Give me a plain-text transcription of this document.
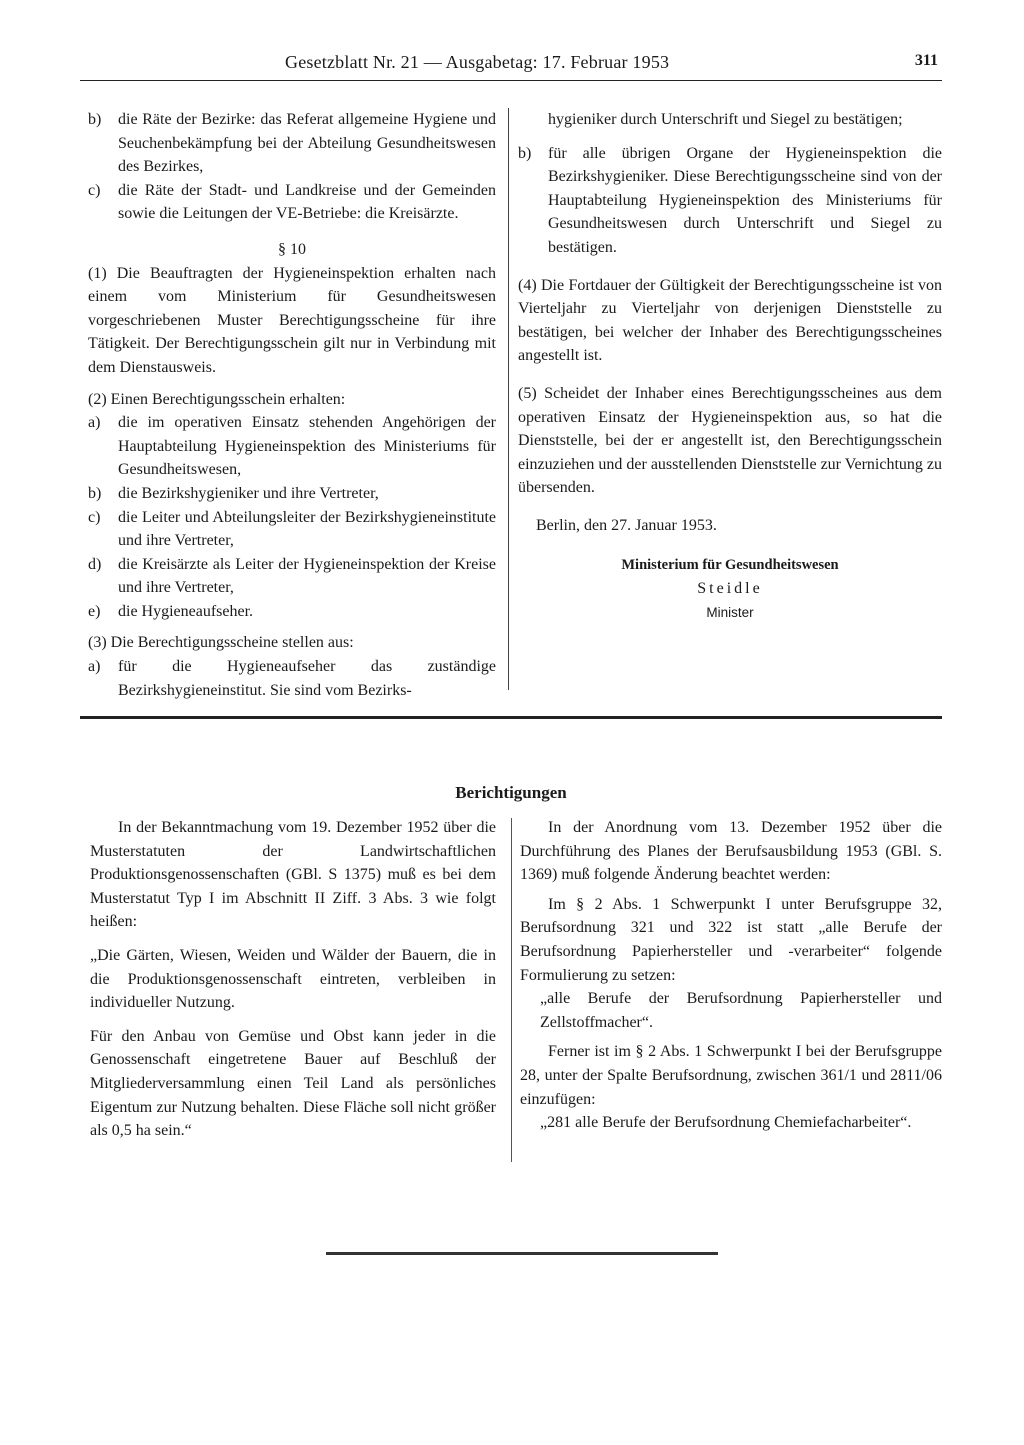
Gesetzblatt Nr. 21 — Ausgabetag: 17. Februar 1953	311
b)	die Räte der Bezirke: das Referat allgemeine Hygiene und Seuchenbekämpfung bei der Abteilung Gesundheitswesen des Bezirkes,
c)	die Räte der Stadt- und Landkreise und der Gemeinden sowie die Leitungen der VE-Betriebe: die Kreisärzte.

§ 10

(1) Die Beauftragten der Hygieneinspektion erhalten nach einem vom Ministerium für Gesundheitswesen vorgeschriebenen Muster Berechtigungsscheine für ihre Tätigkeit. Der Berechtigungsschein gilt nur in Verbindung mit dem Dienstausweis.

(2) Einen Berechtigungsschein erhalten:

a)	die im operativen Einsatz stehenden Angehörigen der Hauptabteilung Hygieneinspektion des Ministeriums für Gesundheitswesen,
b)	die Bezirkshygieniker und ihre Vertreter,
c)	die Leiter und Abteilungsleiter der Bezirkshygieneinstitute und ihre Vertreter,
d)	die Kreisärzte als Leiter der Hygieneinspektion der Kreise und ihre Vertreter,
e)	die Hygieneaufseher.

(3) Die Berechtigungsscheine stellen aus:

a)	für die Hygieneaufseher das zuständige Bezirkshygieneinstitut. Sie sind vom Bezirks-

hygieniker durch Unterschrift und Siegel zu bestätigen;

b)	für alle übrigen Organe der Hygieneinspektion die Bezirkshygieniker. Diese Berechtigungsscheine sind von der Hauptabteilung Hygieneinspektion des Ministeriums für Gesundheitswesen durch Unterschrift und Siegel zu bestätigen.

(4) Die Fortdauer der Gültigkeit der Berechtigungsscheine ist von Vierteljahr zu Vierteljahr von derjenigen Dienststelle zu bestätigen, bei welcher der Inhaber des Berechtigungsscheines angestellt ist.

(5) Scheidet der Inhaber eines Berechtigungsscheines aus dem operativen Einsatz der Hygieneinspektion aus, so hat die Dienststelle, bei der er angestellt ist, den Berechtigungsschein einzuziehen und der ausstellenden Dienststelle zur Vernichtung zu übersenden.

Berlin, den 27. Januar 1953.

Ministerium für Gesundheitswesen
Steidle
Minister
Berichtigungen

In der Bekanntmachung vom 19. Dezember 1952 über die Musterstatuten der Landwirtschaftlichen Produktionsgenossenschaften (GBl. S 1375) muß es bei dem Musterstatut Typ I im Abschnitt II Ziff. 3 Abs. 3 wie folgt heißen:

„Die Gärten, Wiesen, Weiden und Wälder der Bauern, die in die Produktionsgenossenschaft eintreten, verbleiben in individueller Nutzung.

Für den Anbau von Gemüse und Obst kann jeder in die Genossenschaft eingetretene Bauer auf Beschluß der Mitgliederversammlung einen Teil Land als persönliches Eigentum zur Nutzung behalten. Diese Fläche soll nicht größer als 0,5 ha sein.“

In der Anordnung vom 13. Dezember 1952 über die Durchführung des Planes der Berufsausbildung 1953 (GBl. S. 1369) muß folgende Änderung beachtet werden:

Im § 2 Abs. 1 Schwerpunkt I unter Berufsgruppe 32, Berufsordnung 321 und 322 ist statt „alle Berufe der Berufsordnung Papierhersteller und -verarbeiter“ folgende Formulierung zu setzen:

„alle Berufe der Berufsordnung Papierhersteller und Zellstoffmacher“.

Ferner ist im § 2 Abs. 1 Schwerpunkt I bei der Berufsgruppe 28, unter der Spalte Berufsordnung, zwischen 361/1 und 2811/06 einzufügen:

„281 alle Berufe der Berufsordnung Chemiefacharbeiter“.
